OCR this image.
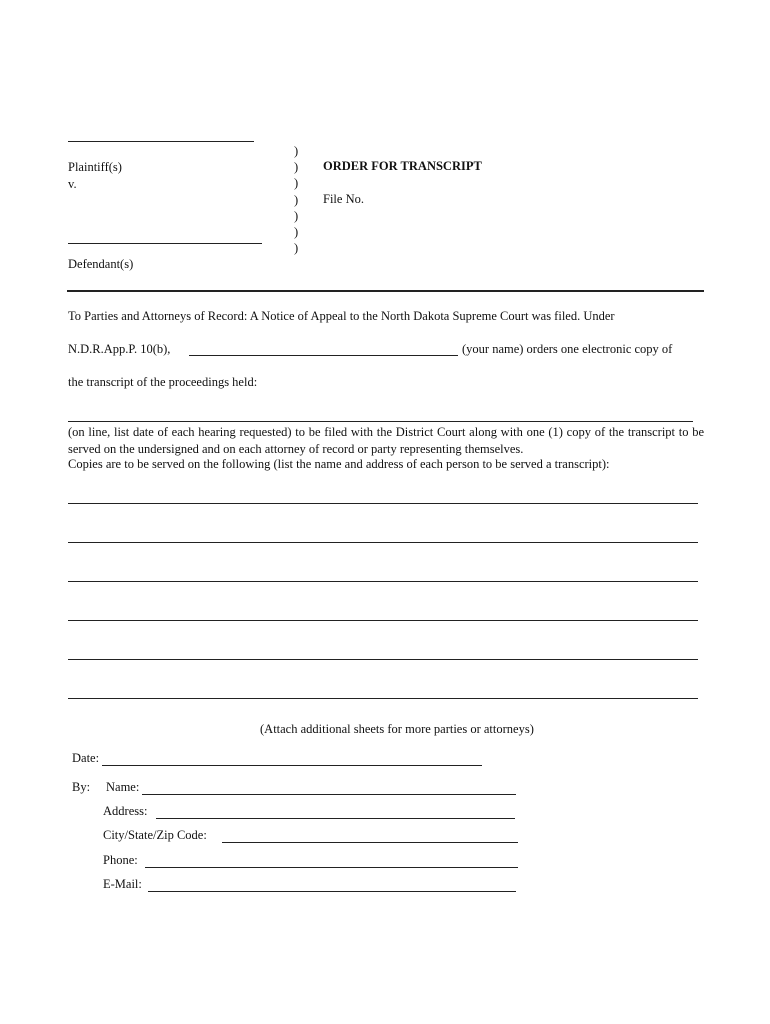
Plaintiff(s)
v.
Defendant(s)
)
)
)
)
)
)
)
ORDER FOR TRANSCRIPT
File No.
To Parties and Attorneys of Record: A Notice of Appeal to the North Dakota Supreme Court was filed. Under
N.D.R.App.P. 10(b),	(your name) orders one electronic copy of
the transcript of the proceedings held:
(on line, list date of each hearing requested) to be filed with the District Court along with one (1) copy of the transcript to be served on the undersigned and on each attorney of record or party representing themselves.
Copies are to be served on the following (list the name and address of each person to be served a transcript):
(Attach additional sheets for more parties or attorneys)
Date:
By: Name:
Address:
City/State/Zip Code:
Phone:
E-Mail:
